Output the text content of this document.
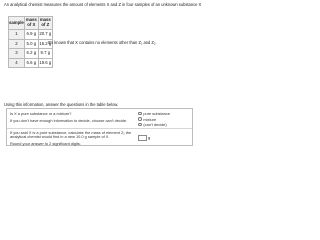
An analytical chemist measures the amount of elements X and Z in four samples of an unknown substance X
sample	mass of X	mass of Z
1	6.9 g	20.7 g
2	5.0 g	15.2 g
3	6.2 g	9.7 g
4	6.6 g	19.6 g
It's known that X contains no elements other than Z₁ and Z₂.
Using this information, answer the questions in the table below.
Is X a pure substance or a mixture?
If you don't have enough information to decide, choose can't decide.
pure substance
mixture
(can't decide)
If you said X is a pure substance, calculate the mass of element Z₁ the
analytical chemist would find in a new 10.0 g sample of X.
Round your answer to 2 significant digits.
g
